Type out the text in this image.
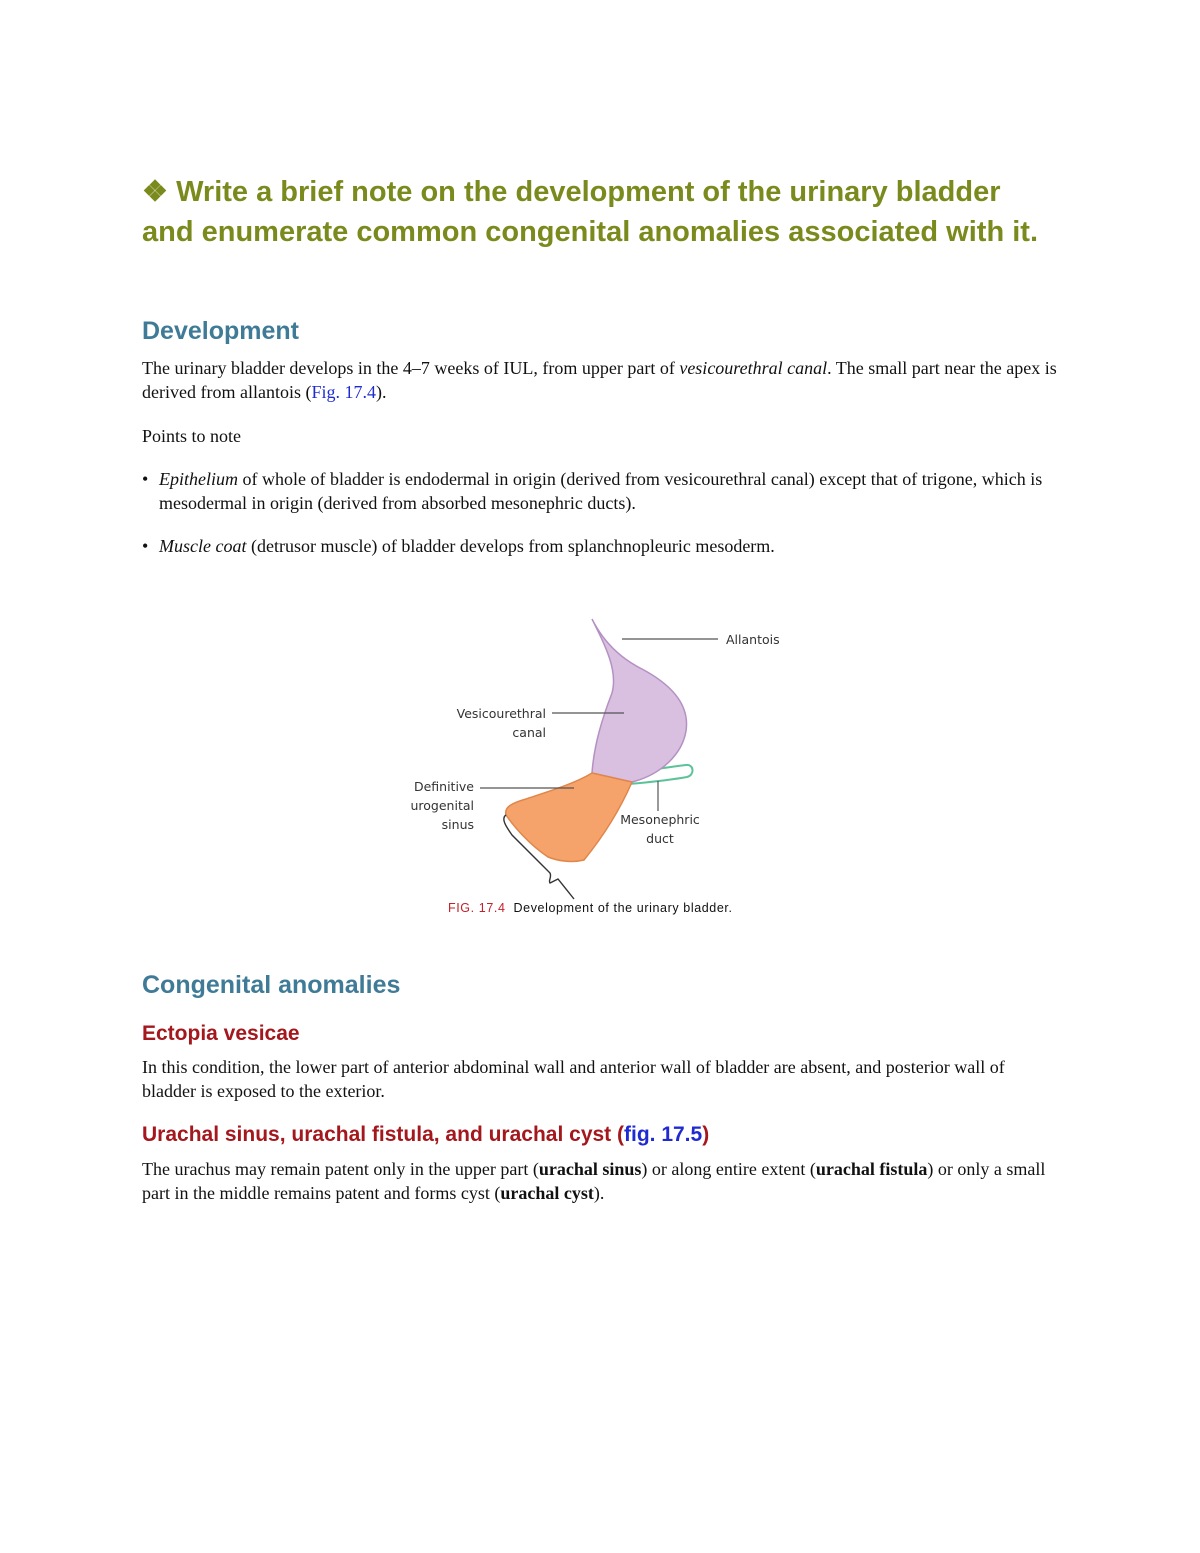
❖ Write a brief note on the development of the urinary bladder and enumerate common congenital anomalies associated with it.
Development

The urinary bladder develops in the 4–7 weeks of IUL, from upper part of vesicourethral canal. The small part near the apex is derived from allantois (Fig. 17.4).

Points to note

• Epithelium of whole of bladder is endodermal in origin (derived from vesicourethral canal) except that of trigone, which is mesodermal in origin (derived from absorbed mesonephric ducts).

• Muscle coat (detrusor muscle) of bladder develops from splanchnopleuric mesoderm.

Allantois
Vesicourethral
canal
Definitive
urogenital
sinus	Mesonephric
duct

FIG. 17.4 Development of the urinary bladder.

Congenital anomalies
Ectopia vesicae

In this condition, the lower part of anterior abdominal wall and anterior wall of bladder are absent, and posterior wall of bladder is exposed to the exterior.

Urachal sinus, urachal fistula, and urachal cyst (fig. 17.5)

The urachus may remain patent only in the upper part (urachal sinus) or along entire extent (urachal fistula) or only a small part in the middle remains patent and forms cyst (urachal cyst).
